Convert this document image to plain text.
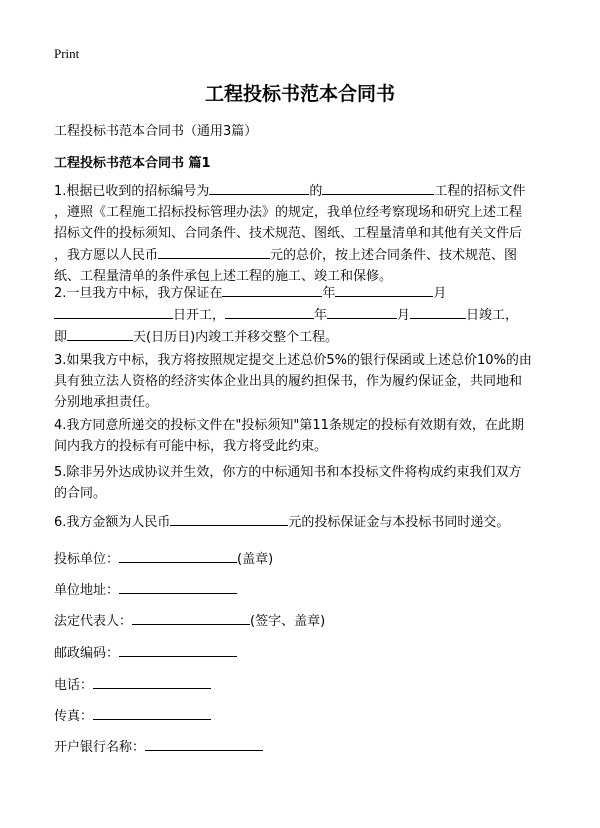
Print
工程投标书范本合同书
工程投标书范本合同书（通用3篇）
工程投标书范本合同书 篇1
1.根据已收到的招标编号为	的	工程的招标文件
，遵照《工程施工招标投标管理办法》的规定，我单位经考察现场和研究上述工程
招标文件的投标须知、合同条件、技术规范、图纸、工程量清单和其他有关文件后
，我方愿以人民币	元的总价，按上述合同条件、技术规范、图
纸、工程量清单的条件承包上述工程的施工、竣工和保修。
2.一旦我方中标，我方保证在	年	月
日开工，	年	月	日竣工，
即	天(日历日)内竣工并移交整个工程。
3.如果我方中标，我方将按照规定提交上述总价5%的银行保函或上述总价10%的由
具有独立法人资格的经济实体企业出具的履约担保书，作为履约保证金，共同地和
分别地承担责任。
4.我方同意所递交的投标文件在"投标须知"第11条规定的投标有效期有效，在此期
间内我方的投标有可能中标，我方将受此约束。
5.除非另外达成协议并生效，你方的中标通知书和本投标文件将构成约束我们双方
的合同。
6.我方金额为人民币	元的投标保证金与本投标书同时递交。
投标单位：	(盖章)
单位地址：
法定代表人：	(签字、盖章)
邮政编码：
电话：
传真：
开户银行名称：
